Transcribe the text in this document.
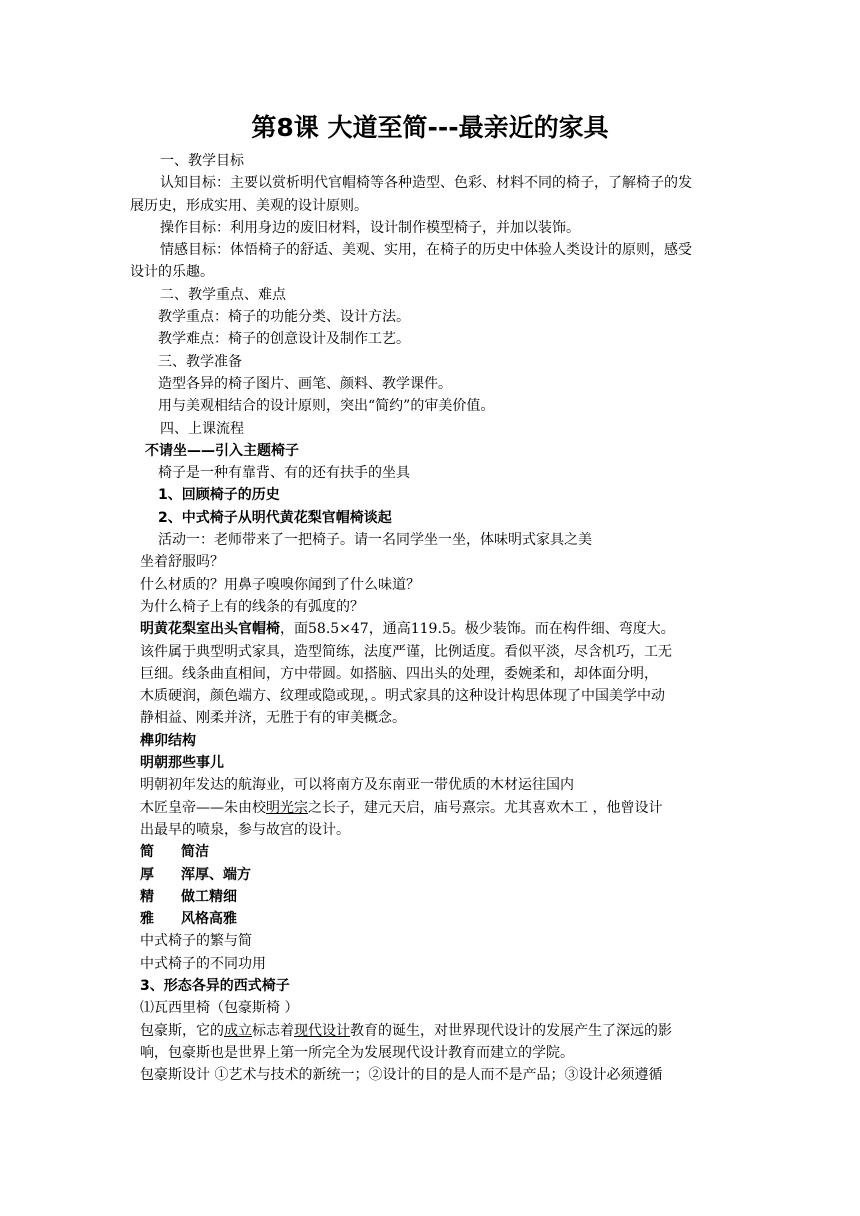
第8课 大道至简---最亲近的家具

一、教学目标

认知目标：主要以赏析明代官帽椅等各种造型、色彩、材料不同的椅子，了解椅子的发

展历史，形成实用、美观的设计原则。

操作目标：利用身边的废旧材料，设计制作模型椅子，并加以装饰。

情感目标：体悟椅子的舒适、美观、实用，在椅子的历史中体验人类设计的原则，感受

设计的乐趣。

二、教学重点、难点

教学重点：椅子的功能分类、设计方法。

教学难点：椅子的创意设计及制作工艺。

三、教学准备

造型各异的椅子图片、画笔、颜料、教学课件。

用与美观相结合的设计原则，突出“简约”的审美价值。

四、上课流程

不请坐——引入主题椅子

椅子是一种有靠背、有的还有扶手的坐具

1、回顾椅子的历史

2、中式椅子从明代黄花梨官帽椅谈起

活动一：老师带来了一把椅子。请一名同学坐一坐，体味明式家具之美

坐着舒服吗？

什么材质的？用鼻子嗅嗅你闻到了什么味道？

为什么椅子上有的线条的有弧度的？

明黄花梨室出头官帽椅，面58.5×47，通高119.5。极少装饰。而在构件细、弯度大。

该件属于典型明式家具，造型简练，法度严谨，比例适度。看似平淡，尽含机巧，工无

巨细。线条曲直相间，方中带圆。如搭脑、四出头的处理，委婉柔和，却体面分明，

木质硬润，颜色端方、纹理或隐或现，。明式家具的这种设计构思体现了中国美学中动

静相益、刚柔并济，无胜于有的审美概念。

榫卯结构

明朝那些事儿

明朝初年发达的航海业，可以将南方及东南亚一带优质的木材运往国内

木匠皇帝——朱由校明光宗之长子，建元天启，庙号熹宗。尤其喜欢木工 ，他曾设计

出最早的喷泉，参与故宫的设计。

简 简洁

厚 浑厚、端方

精 做工精细

雅 风格高雅

中式椅子的繁与简

中式椅子的不同功用

3、形态各异的西式椅子

⑴瓦西里椅（包豪斯椅 ）

包豪斯，它的成立标志着现代设计教育的诞生，对世界现代设计的发展产生了深远的影

响，包豪斯也是世界上第一所完全为发展现代设计教育而建立的学院。

包豪斯设计 ①艺术与技术的新统一；②设计的目的是人而不是产品；③设计必须遵循
